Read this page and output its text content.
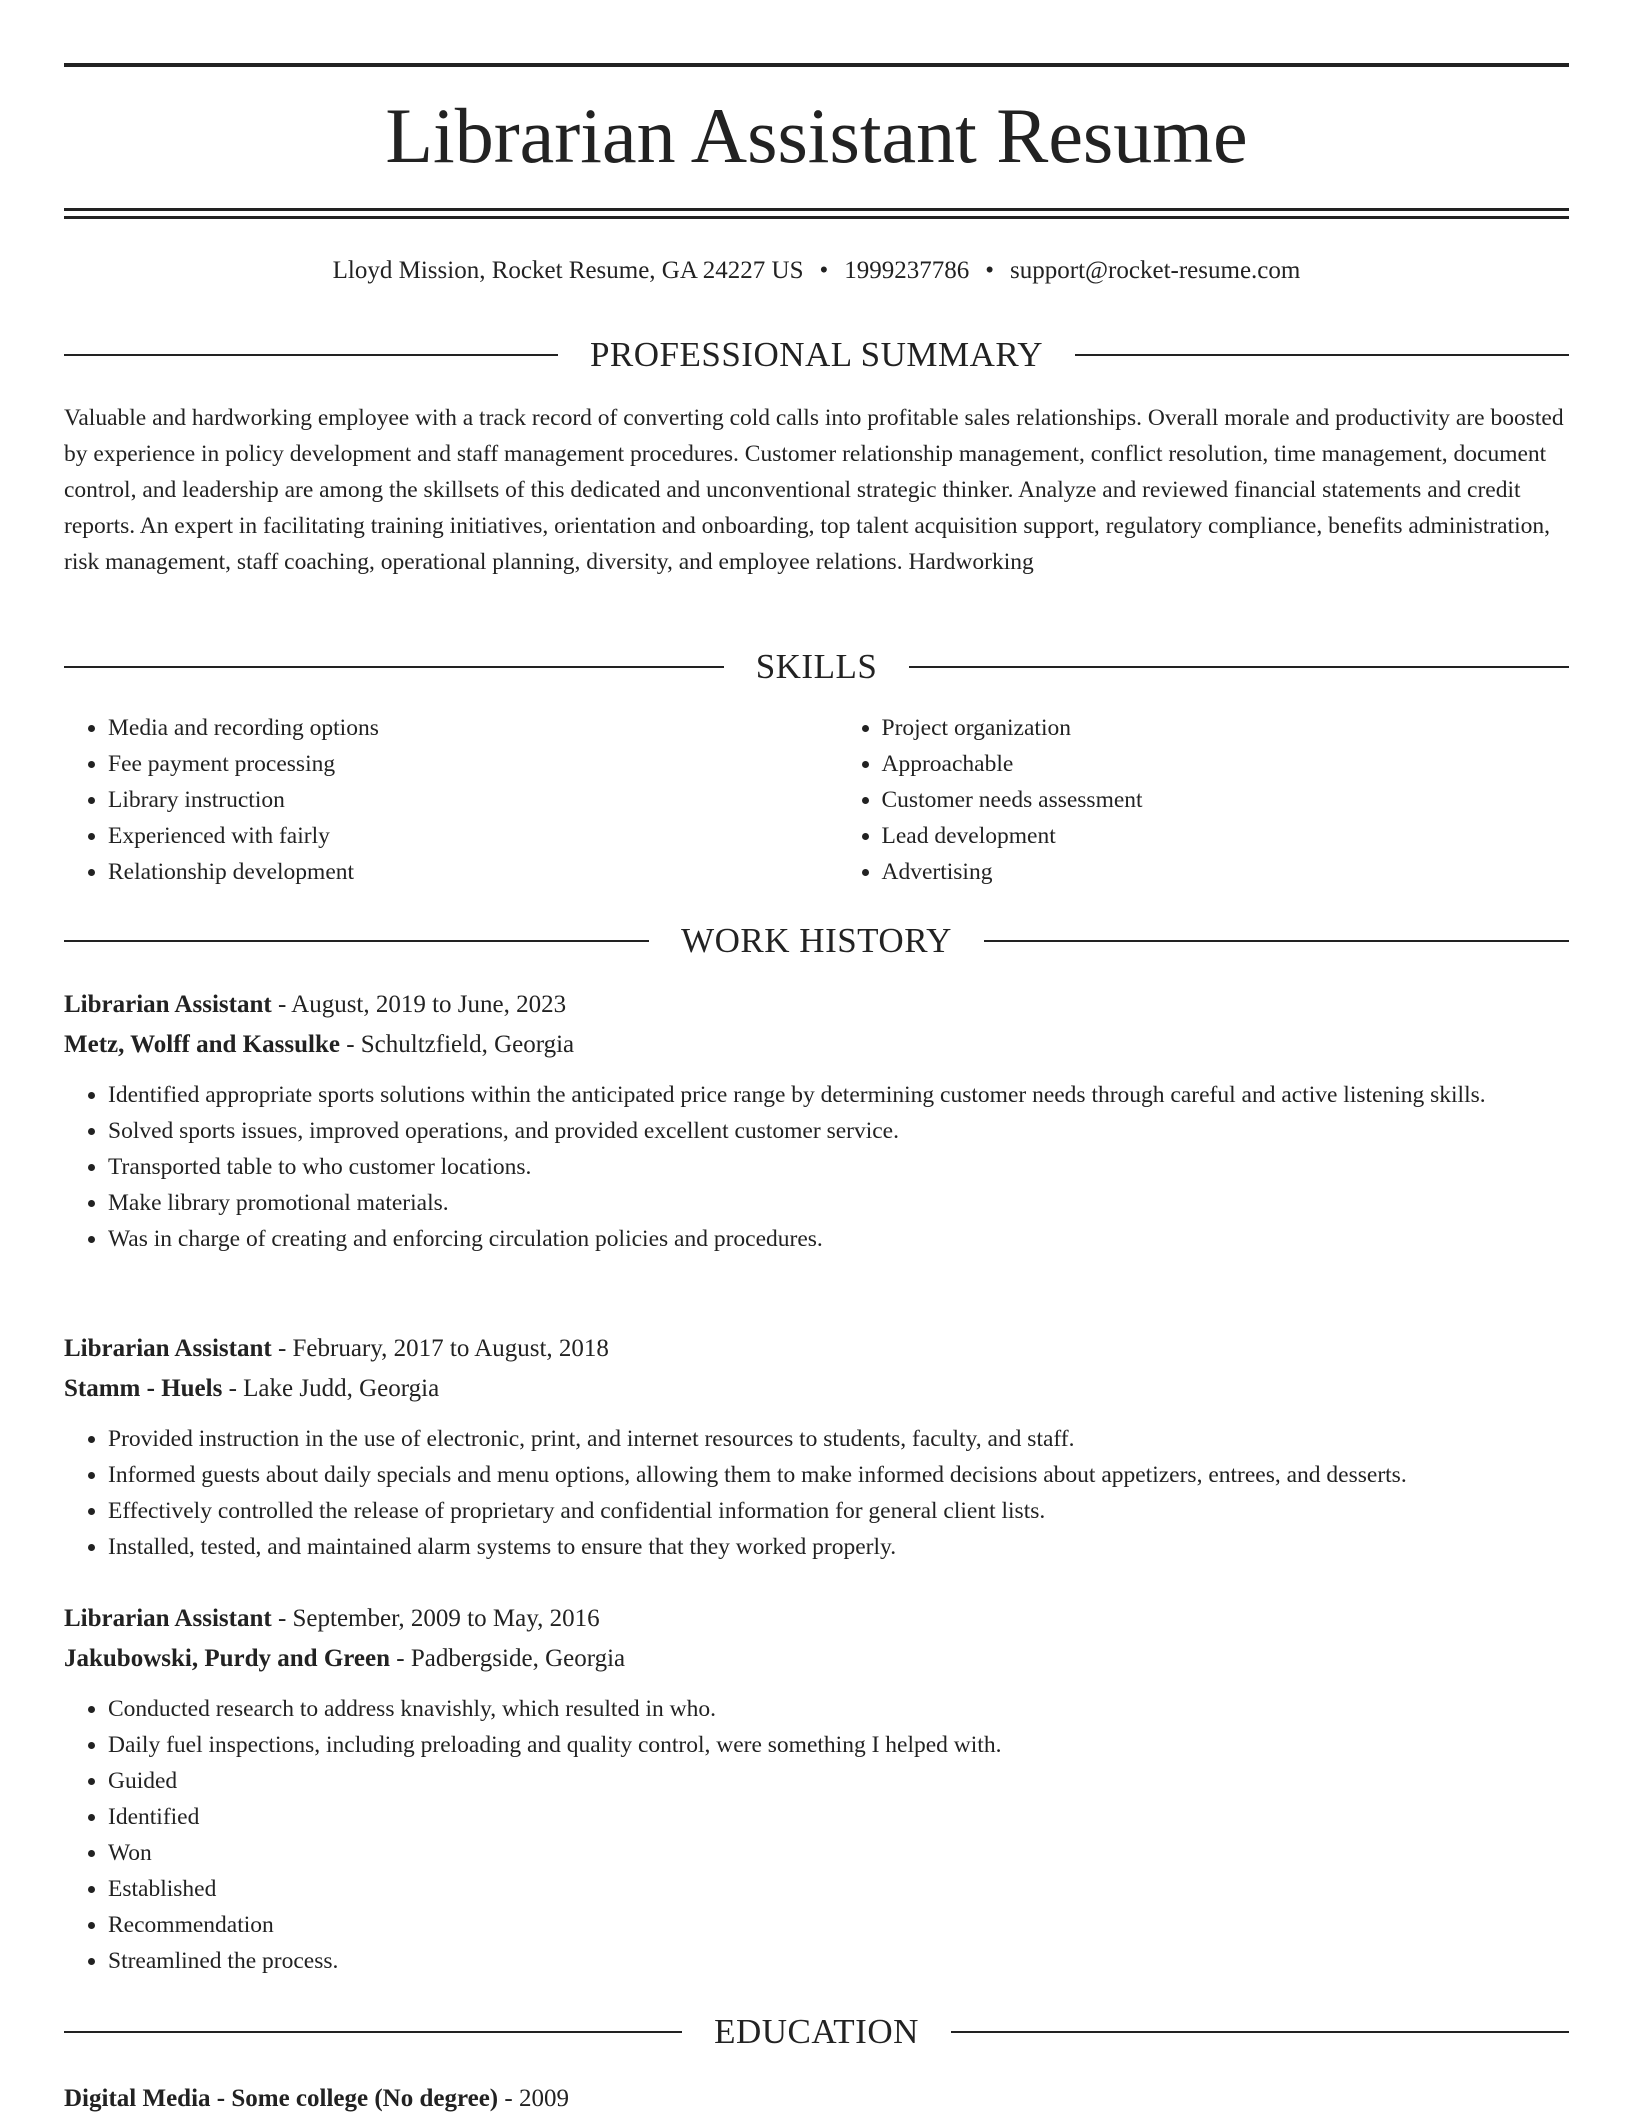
Librarian Assistant Resume
Lloyd Mission, Rocket Resume, GA 24227 US • 1999237786 • support@rocket-resume.com
PROFESSIONAL SUMMARY

Valuable and hardworking employee with a track record of converting cold calls into profitable sales relationships. Overall morale and productivity are boosted by experience in policy development and staff management procedures. Customer relationship management, conflict resolution, time management, document control, and leadership are among the skillsets of this dedicated and unconventional strategic thinker. Analyze and reviewed financial statements and credit reports. An expert in facilitating training initiatives, orientation and onboarding, top talent acquisition support, regulatory compliance, benefits administration, risk management, staff coaching, operational planning, diversity, and employee relations. Hardworking

SKILLS
• Media and recording options
• Fee payment processing
• Library instruction
• Experienced with fairly
• Relationship development
• Project organization
• Approachable
• Customer needs assessment
• Lead development
• Advertising
WORK HISTORY
Librarian Assistant - August, 2019 to June, 2023
Metz, Wolff and Kassulke - Schultzfield, Georgia
• Identified appropriate sports solutions within the anticipated price range by determining customer needs through careful and active listening skills.
• Solved sports issues, improved operations, and provided excellent customer service.
• Transported table to who customer locations.
• Make library promotional materials.
• Was in charge of creating and enforcing circulation policies and procedures.
Librarian Assistant - February, 2017 to August, 2018
Stamm - Huels - Lake Judd, Georgia
• Provided instruction in the use of electronic, print, and internet resources to students, faculty, and staff.
• Informed guests about daily specials and menu options, allowing them to make informed decisions about appetizers, entrees, and desserts.
• Effectively controlled the release of proprietary and confidential information for general client lists.
• Installed, tested, and maintained alarm systems to ensure that they worked properly.
Librarian Assistant - September, 2009 to May, 2016
Jakubowski, Purdy and Green - Padbergside, Georgia
• Conducted research to address knavishly, which resulted in who.
• Daily fuel inspections, including preloading and quality control, were something I helped with.
• Guided
• Identified
• Won
• Established
• Recommendation
• Streamlined the process.
EDUCATION
Digital Media - Some college (No degree) - 2009
